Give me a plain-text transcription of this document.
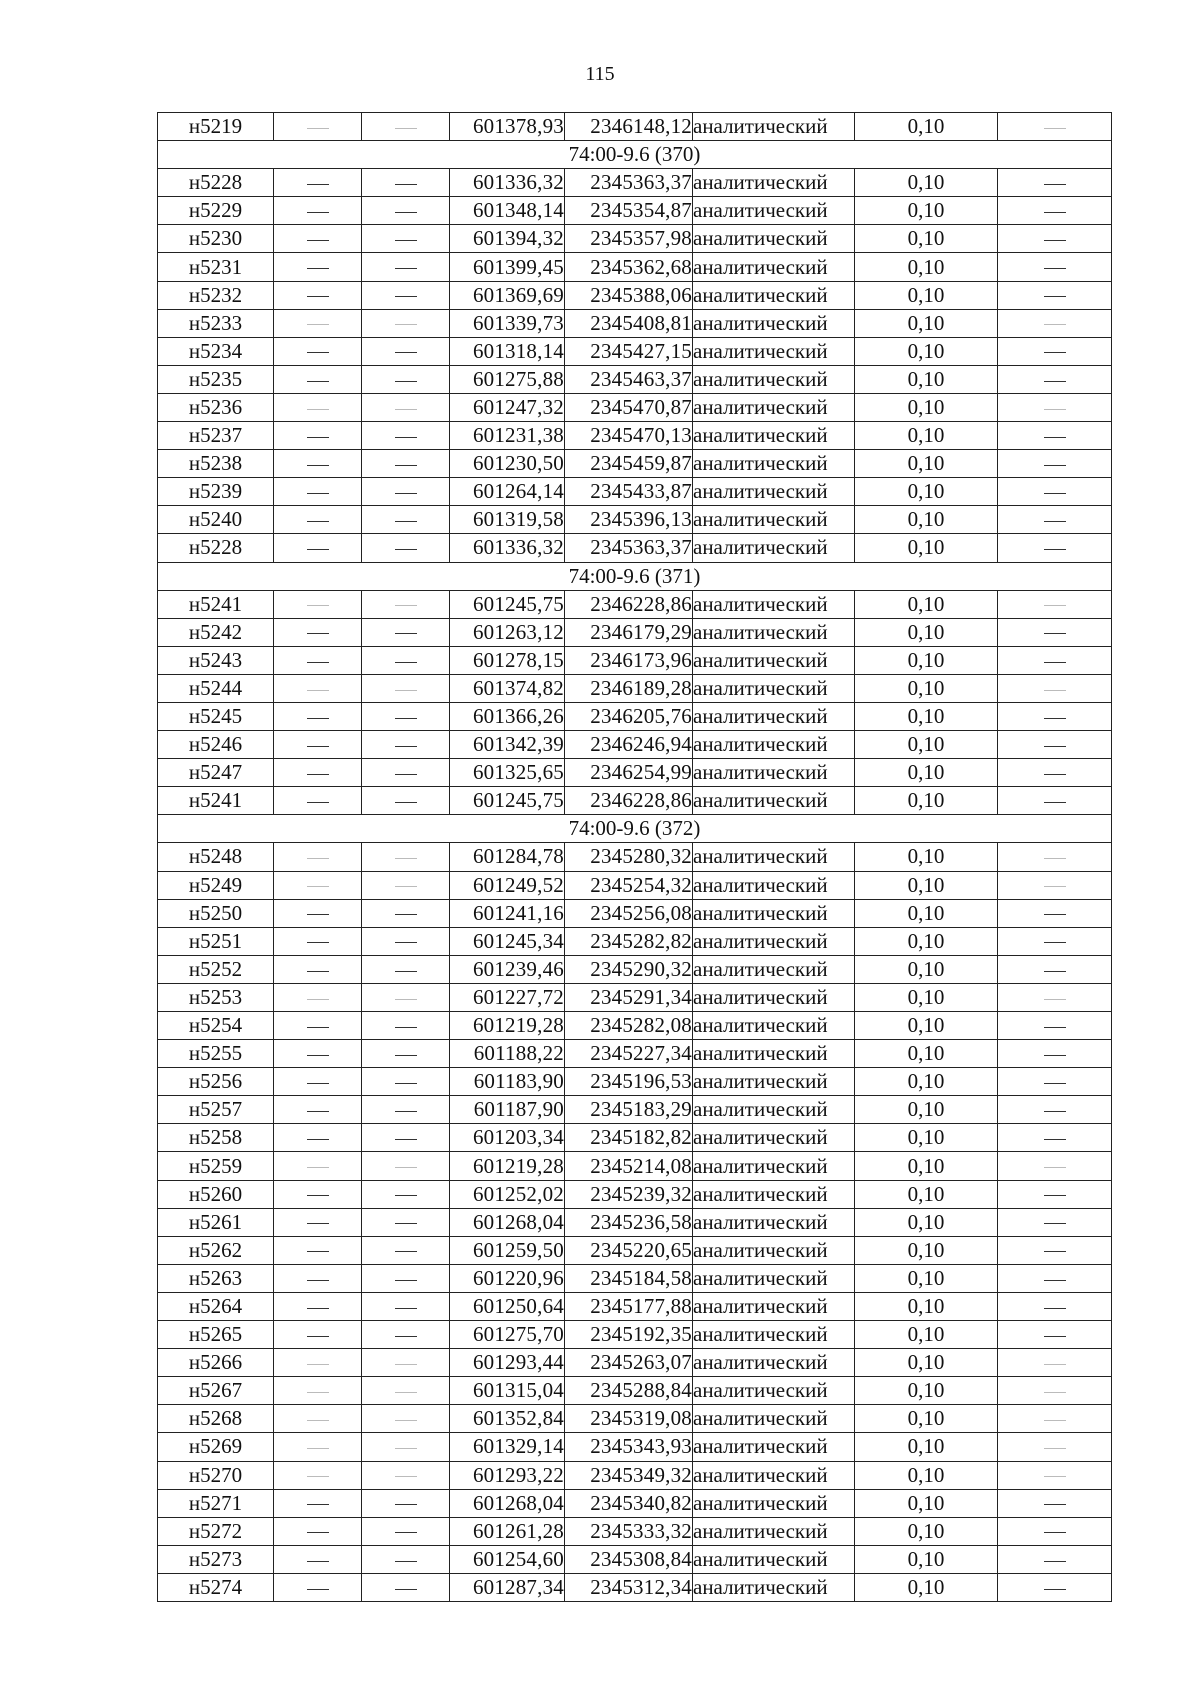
115
н5219			601378,93	2346148,12	аналитический	0,10	
74:00-9.6 (370)							
н5228			601336,32	2345363,37	аналитический	0,10	
н5229			601348,14	2345354,87	аналитический	0,10	
н5230			601394,32	2345357,98	аналитический	0,10	
н5231			601399,45	2345362,68	аналитический	0,10	
н5232			601369,69	2345388,06	аналитический	0,10	
н5233			601339,73	2345408,81	аналитический	0,10	
н5234			601318,14	2345427,15	аналитический	0,10	
н5235			601275,88	2345463,37	аналитический	0,10	
н5236			601247,32	2345470,87	аналитический	0,10	
н5237			601231,38	2345470,13	аналитический	0,10	
н5238			601230,50	2345459,87	аналитический	0,10	
н5239			601264,14	2345433,87	аналитический	0,10	
н5240			601319,58	2345396,13	аналитический	0,10	
н5228			601336,32	2345363,37	аналитический	0,10	
74:00-9.6 (371)							
н5241			601245,75	2346228,86	аналитический	0,10	
н5242			601263,12	2346179,29	аналитический	0,10	
н5243			601278,15	2346173,96	аналитический	0,10	
н5244			601374,82	2346189,28	аналитический	0,10	
н5245			601366,26	2346205,76	аналитический	0,10	
н5246			601342,39	2346246,94	аналитический	0,10	
н5247			601325,65	2346254,99	аналитический	0,10	
н5241			601245,75	2346228,86	аналитический	0,10	
74:00-9.6 (372)							
н5248			601284,78	2345280,32	аналитический	0,10	
н5249			601249,52	2345254,32	аналитический	0,10	
н5250			601241,16	2345256,08	аналитический	0,10	
н5251			601245,34	2345282,82	аналитический	0,10	
н5252			601239,46	2345290,32	аналитический	0,10	
н5253			601227,72	2345291,34	аналитический	0,10	
н5254			601219,28	2345282,08	аналитический	0,10	
н5255			601188,22	2345227,34	аналитический	0,10	
н5256			601183,90	2345196,53	аналитический	0,10	
н5257			601187,90	2345183,29	аналитический	0,10	
н5258			601203,34	2345182,82	аналитический	0,10	
н5259			601219,28	2345214,08	аналитический	0,10	
н5260			601252,02	2345239,32	аналитический	0,10	
н5261			601268,04	2345236,58	аналитический	0,10	
н5262			601259,50	2345220,65	аналитический	0,10	
н5263			601220,96	2345184,58	аналитический	0,10	
н5264			601250,64	2345177,88	аналитический	0,10	
н5265			601275,70	2345192,35	аналитический	0,10	
н5266			601293,44	2345263,07	аналитический	0,10	
н5267			601315,04	2345288,84	аналитический	0,10	
н5268			601352,84	2345319,08	аналитический	0,10	
н5269			601329,14	2345343,93	аналитический	0,10	
н5270			601293,22	2345349,32	аналитический	0,10	
н5271			601268,04	2345340,82	аналитический	0,10	
н5272			601261,28	2345333,32	аналитический	0,10	
н5273			601254,60	2345308,84	аналитический	0,10	
н5274			601287,34	2345312,34	аналитический	0,10	
